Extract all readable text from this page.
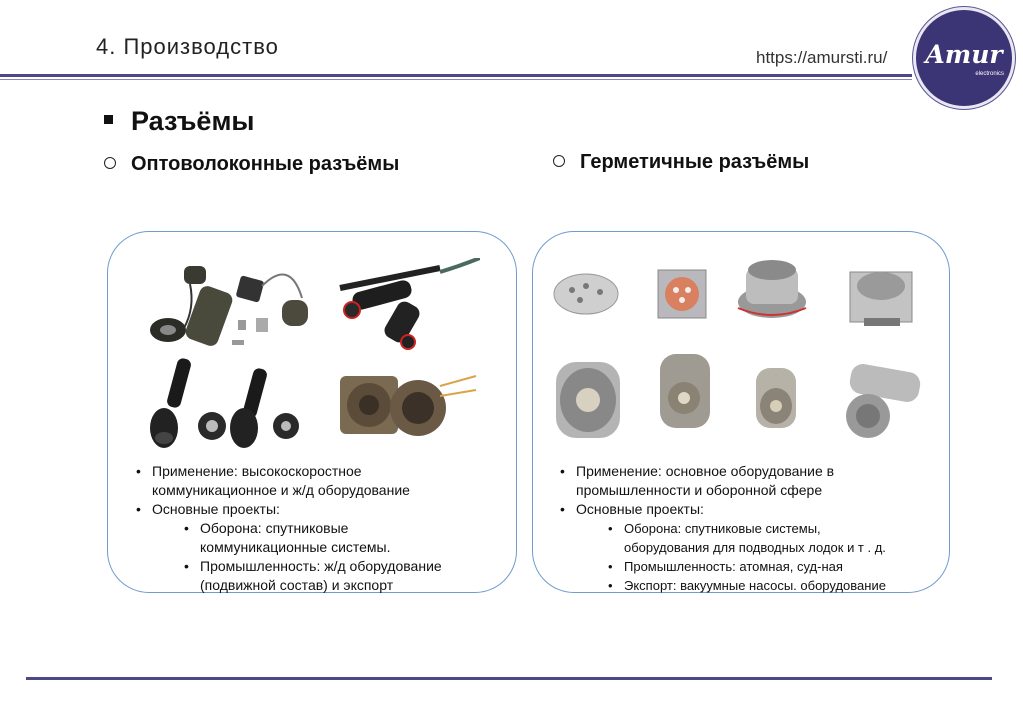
4. Производство	https://amursti.ru/	Amur
electronics
Разъёмы
Оптоволоконные разъёмы	Герметичные разъёмы
• Применение: высокоскоростное
коммуникационное и ж/д оборудование
• Основные проекты:
• Оборона: спутниковые
коммуникационные системы.
• Промышленность: ж/д оборудование
(подвижной состав) и экспорт
• Применение: основное оборудование в
промышленности и оборонной сфере
• Основные проекты:
• Оборона: спутниковые системы,
оборудования для подводных лодок и т . д.
• Промышленность: атомная, суд-ная
• Экспорт: вакуумные насосы. оборудование
